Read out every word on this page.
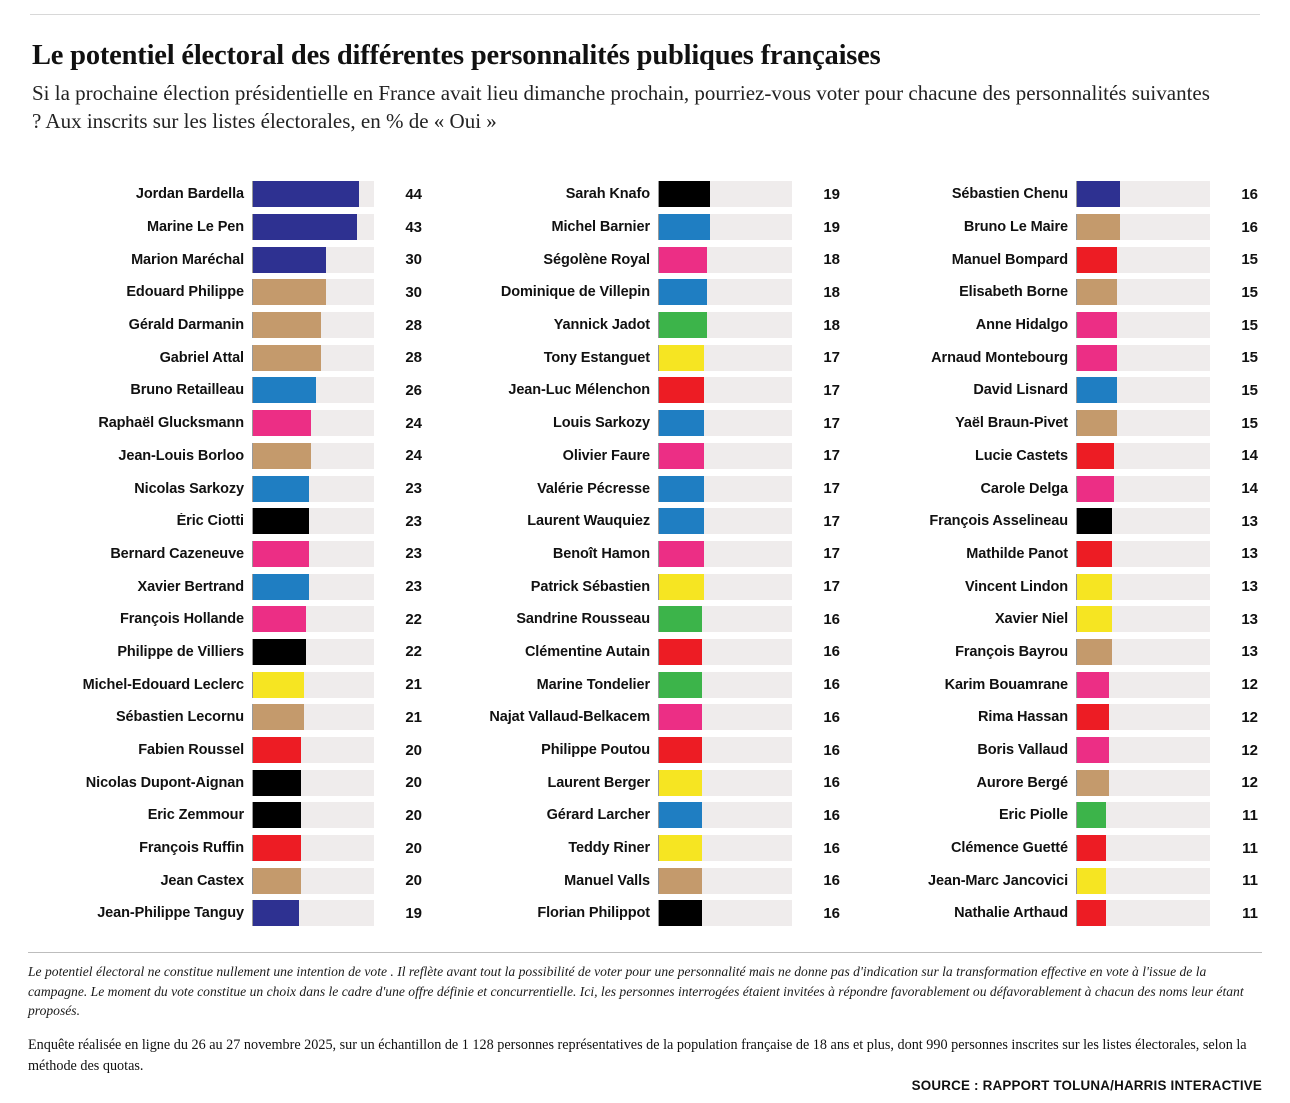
Le potentiel électoral des différentes personnalités publiques françaises

Si la prochaine élection présidentielle en France avait lieu dimanche prochain, pourriez-vous voter pour chacune des personnalités suivantes ? Aux inscrits sur les listes électorales, en % de « Oui »

Jordan Bardella	44
Marine Le Pen	43
Marion Maréchal	30
Edouard Philippe	30
Gérald Darmanin	28
Gabriel Attal	28
Bruno Retailleau	26
Raphaël Glucksmann	24
Jean-Louis Borloo	24
Nicolas Sarkozy	23
Éric Ciotti	23
Bernard Cazeneuve	23
Xavier Bertrand	23
François Hollande	22
Philippe de Villiers	22
Michel-Edouard Leclerc	21
Sébastien Lecornu	21
Fabien Roussel	20
Nicolas Dupont-Aignan	20
Eric Zemmour	20
François Ruffin	20
Jean Castex	20
Jean-Philippe Tanguy	19
Sarah Knafo	19
Michel Barnier	19
Ségolène Royal	18
Dominique de Villepin	18
Yannick Jadot	18
Tony Estanguet	17
Jean-Luc Mélenchon	17
Louis Sarkozy	17
Olivier Faure	17
Valérie Pécresse	17
Laurent Wauquiez	17
Benoît Hamon	17
Patrick Sébastien	17
Sandrine Rousseau	16
Clémentine Autain	16
Marine Tondelier	16
Najat Vallaud-Belkacem	16
Philippe Poutou	16
Laurent Berger	16
Gérard Larcher	16
Teddy Riner	16
Manuel Valls	16
Florian Philippot	16
Sébastien Chenu	16
Bruno Le Maire	16
Manuel Bompard	15
Elisabeth Borne	15
Anne Hidalgo	15
Arnaud Montebourg	15
David Lisnard	15
Yaël Braun-Pivet	15
Lucie Castets	14
Carole Delga	14
François Asselineau	13
Mathilde Panot	13
Vincent Lindon	13
Xavier Niel	13
François Bayrou	13
Karim Bouamrane	12
Rima Hassan	12
Boris Vallaud	12
Aurore Bergé	12
Eric Piolle	11
Clémence Guetté	11
Jean-Marc Jancovici	11
Nathalie Arthaud	11

Le potentiel électoral ne constitue nullement une intention de vote . Il reflète avant tout la possibilité de voter pour une personnalité mais ne donne pas d'indication sur la transformation effective en vote à l'issue de la campagne. Le moment du vote constitue un choix dans le cadre d'une offre définie et concurrentielle. Ici, les personnes interrogées étaient invitées à répondre favorablement ou défavorablement à chacun des noms leur étant proposés.

Enquête réalisée en ligne du 26 au 27 novembre 2025, sur un échantillon de 1 128 personnes représentatives de la population française de 18 ans et plus, dont 990 personnes inscrites sur les listes électorales, selon la méthode des quotas.

SOURCE : RAPPORT TOLUNA/HARRIS INTERACTIVE
